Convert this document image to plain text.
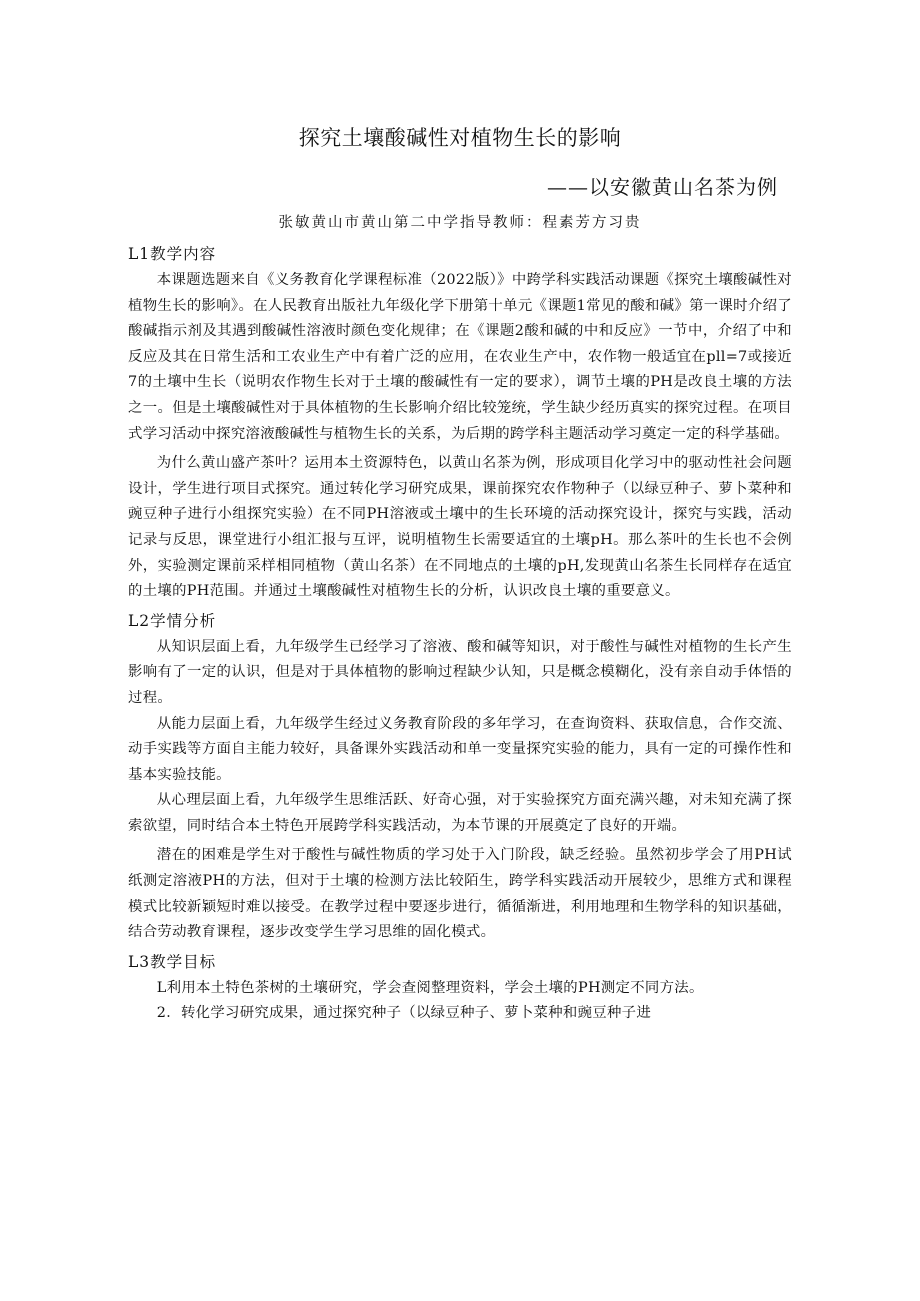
探究土壤酸碱性对植物生长的影响
——以安徽黄山名茶为例
张敏黄山市黄山第二中学指导教师：程素芳方习贵
L1教学内容

本课题选题来自《义务教育化学课程标准（2022版）》中跨学科实践活动课题《探究土壤酸碱性对植物生长的影响》。在人民教育出版社九年级化学下册第十单元《课题1常见的酸和碱》第一课时介绍了酸碱指示剂及其遇到酸碱性溶液时颜色变化规律；在《课题2酸和碱的中和反应》一节中，介绍了中和反应及其在日常生活和工农业生产中有着广泛的应用，在农业生产中，农作物一般适宜在pll=7或接近7的土壤中生长（说明农作物生长对于土壤的酸碱性有一定的要求），调节土壤的PH是改良土壤的方法之一。但是土壤酸碱性对于具体植物的生长影响介绍比较笼统，学生缺少经历真实的探究过程。在项目式学习活动中探究溶液酸碱性与植物生长的关系，为后期的跨学科主题活动学习奠定一定的科学基础。

为什么黄山盛产茶叶？运用本土资源特色，以黄山名茶为例，形成项目化学习中的驱动性社会问题设计，学生进行项目式探究。通过转化学习研究成果，课前探究农作物种子（以绿豆种子、萝卜菜种和豌豆种子进行小组探究实验）在不同PH溶液或土壤中的生长环境的活动探究设计，探究与实践，活动记录与反思，课堂进行小组汇报与互评，说明植物生长需要适宜的土壤pH。那么茶叶的生长也不会例外，实验测定课前采样相同植物（黄山名茶）在不同地点的土壤的pH,发现黄山名茶生长同样存在适宜的土壤的PH范围。并通过土壤酸碱性对植物生长的分析，认识改良土壤的重要意义。

L2学情分析

从知识层面上看，九年级学生已经学习了溶液、酸和碱等知识，对于酸性与碱性对植物的生长产生影响有了一定的认识，但是对于具体植物的影响过程缺少认知，只是概念模糊化，没有亲自动手体悟的过程。

从能力层面上看，九年级学生经过义务教育阶段的多年学习，在查询资料、获取信息，合作交流、动手实践等方面自主能力较好，具备课外实践活动和单一变量探究实验的能力，具有一定的可操作性和基本实验技能。

从心理层面上看，九年级学生思维活跃、好奇心强，对于实验探究方面充满兴趣，对未知充满了探索欲望，同时结合本土特色开展跨学科实践活动，为本节课的开展奠定了良好的开端。

潜在的困难是学生对于酸性与碱性物质的学习处于入门阶段，缺乏经验。虽然初步学会了用PH试纸测定溶液PH的方法，但对于土壤的检测方法比较陌生，跨学科实践活动开展较少，思维方式和课程模式比较新颖短时难以接受。在教学过程中要逐步进行，循循渐进，利用地理和生物学科的知识基础，结合劳动教育课程，逐步改变学生学习思维的固化模式。

L3教学目标

L利用本土特色茶树的土壤研究，学会查阅整理资料，学会土壤的PH测定不同方法。

2．转化学习研究成果，通过探究种子（以绿豆种子、萝卜菜种和豌豆种子进
